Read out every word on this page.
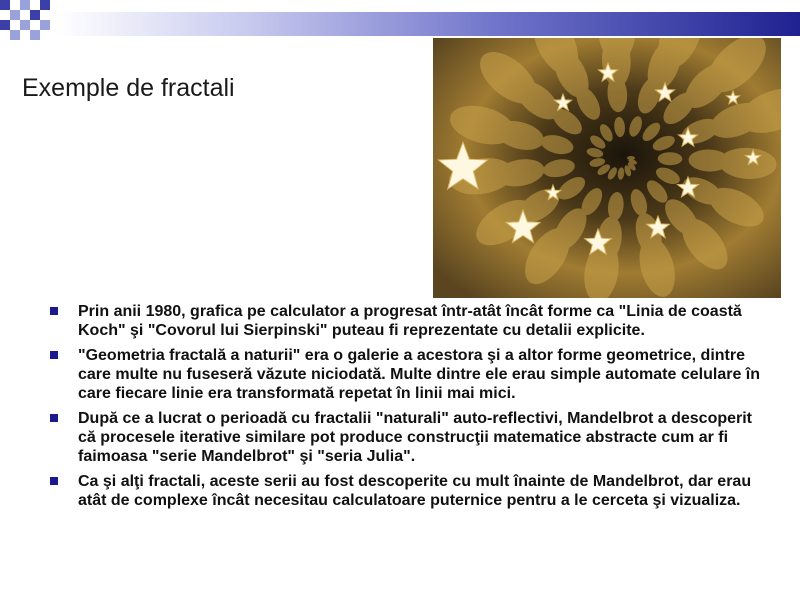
Exemple de fractali
Prin anii 1980, grafica pe calculator a progresat într-atât încât forme ca "Linia de coastă Koch" şi "Covorul lui Sierpinski" puteau fi reprezentate cu detalii explicite.
"Geometria fractală a naturii" era o galerie a acestora şi a altor forme geometrice, dintre care multe nu fuseseră văzute niciodată. Multe dintre ele erau simple automate celulare în care fiecare linie era transformată repetat în linii mai mici.
După ce a lucrat o perioadă cu fractalii "naturali" auto-reflectivi, Mandelbrot a descoperit că procesele iterative similare pot produce construcţii matematice abstracte cum ar fi faimoasa "serie Mandelbrot" şi "seria Julia".
Ca şi alţi fractali, aceste serii au fost descoperite cu mult înainte de Mandelbrot, dar erau atât de complexe încât necesitau calculatoare puternice pentru a le cerceta şi vizualiza.
